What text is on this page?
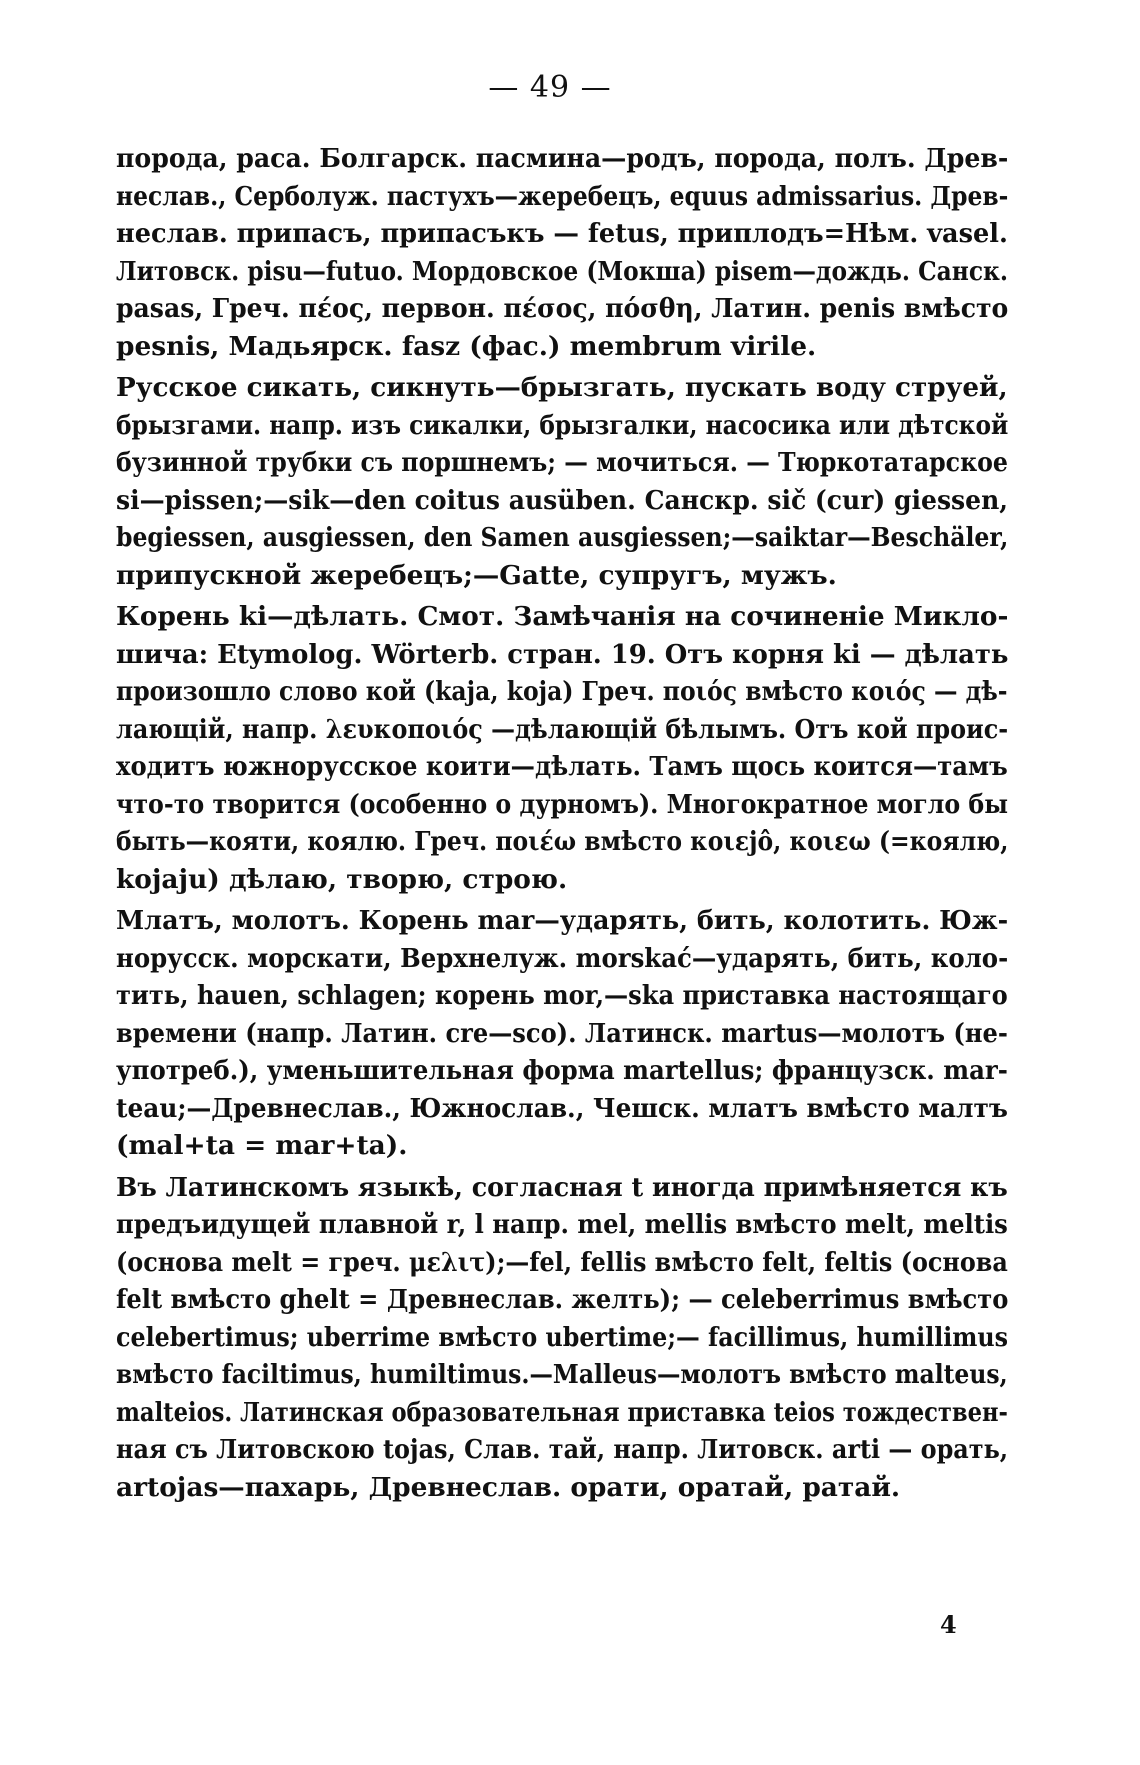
— 49 —
порода, раса. Болгарск. пасмина—родъ, порода, полъ. Древ-
неслав., Серболуж. пастухъ—жеребецъ, equus admissarius. Древ-
неслав. припасъ, припасъкъ — fetus, приплодъ=Нѣм. vasel.
Литовск. pisu—futuo. Мордовское (Мокша) pisem—дождь. Санск.
pasas, Греч. πέος, первон. πέσος, πόσθη, Латин. penis вмѣсто
pesnis, Мадьярск. fasz (фас.) membrum virile.
Русское сикать, сикнуть—брызгать, пускать воду струей,
брызгами. напр. изъ сикалки, брызгалки, насосика или дѣтской
бузинной трубки съ поршнемъ; — мочиться. — Тюркотатарское
si—pissen;—sik—den coitus ausüben. Санскр. sič (cur) giessen,
begiessen, ausgiessen, den Samen ausgiessen;—saiktar—Beschäler,
припускной жеребецъ;—Gatte, супругъ, мужъ.
Корень ki—дѣлать. Смот. Замѣчанія на сочиненіе Микло-
шича: Etymolog. Wörterb. стран. 19. Отъ корня ki — дѣлать
произошло слово кой (kaja, koja) Греч. ποιός вмѣсто κοιός — дѣ-
лающій, напр. λευκοποιός —дѣлающій бѣлымъ. Отъ кой проис-
ходитъ южнорусское коити—дѣлать. Тамъ щось коится—тамъ
что-то творится (особенно о дурномъ). Многократное могло бы
быть—кояти, коялю. Греч. ποιέω вмѣсто κοιεjô, κοιεω (=коялю,
kojaju) дѣлаю, творю, строю.
Млатъ, молотъ. Корень mar—ударять, бить, колотить. Юж-
норусск. морскати, Верхнелуж. morskać—ударять, бить, коло-
тить, hauen, schlagen; корень mor,—ska приставка настоящаго
времени (напр. Латин. cre—sco). Латинск. martus—молотъ (не-
употреб.), уменьшительная форма martellus; французск. mar-
teau;—Древнеслав., Южнослав., Чешск. млатъ вмѣсто малтъ
(mal+ta = mar+ta).
Въ Латинскомъ языкѣ, согласная t иногда примѣняется къ
предъидущей плавной r, l напр. mel, mellis вмѣсто melt, meltis
(основа melt = греч. μελιτ);—fel, fellis вмѣсто felt, feltis (основа
felt вмѣсто ghelt = Древнеслав. желть); — celeberrimus вмѣсто
celebertimus; uberrime вмѣсто ubertime;— facillimus, humillimus
вмѣсто faciltimus, humiltimus.—Malleus—молотъ вмѣсто malteus,
malteios. Латинская образовательная приставка teios тождествен-
ная съ Литовскою tojas, Слав. тай, напр. Литовск. arti — орать,
artojas—пахарь, Древнеслав. орати, оратай, ратай.
4
